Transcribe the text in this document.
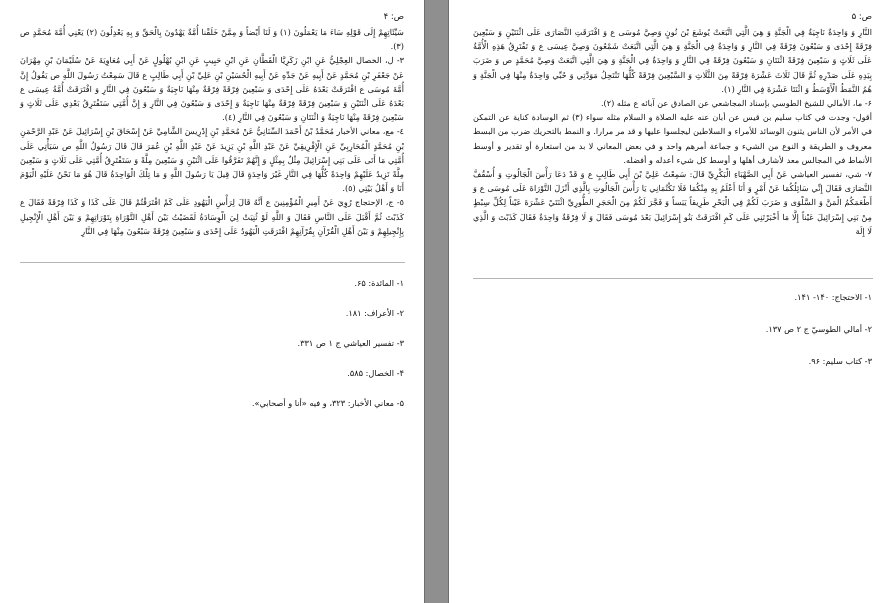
ص: ۴

سَيِّئَاتِهِمْ إِلَى قَوْلِهِ سَاءَ مَا يَعْمَلُونَ (١) وَ لَنَا أَيْضاً وَ مِمَّنْ خَلَقْنا أُمَّةٌ يَهْدُونَ بِالْحَقِّ وَ بِهِ يَعْدِلُونَ (٢) يَعْنِي أُمَّةَ مُحَمَّدٍ ص (٣).

٣- ل، الخصال العِجْلِيُّ عَنِ ابْنِ زَكَرِيَّا الْقَطَّانِ عَنِ ابْنِ حَبِيبٍ عَنِ ابْنِ بُهْلُولٍ عَنْ أَبِي مُعَاوِيَةَ عَنْ سُلَيْمَانَ بْنِ مِهْرَانَ عَنْ جَعْفَرِ بْنِ مُحَمَّدٍ عَنْ أَبِيهِ عَنْ جَدِّهِ عَنْ أَبِيهِ الْحُسَيْنِ بْنِ عَلِيِّ بْنِ أَبِي طَالِبٍ ع قَالَ سَمِعْتُ رَسُولَ اللَّهِ ص يَقُولُ إِنَّ أُمَّةَ مُوسَى ع افْتَرَقَتْ بَعْدَهُ عَلَى إِحْدَى وَ سَبْعِينَ فِرْقَةً فِرْقَةٌ مِنْهَا نَاجِيَةٌ وَ سَبْعُونَ فِي النَّارِ وَ افْتَرَقَتْ أُمَّةُ عِيسَى ع بَعْدَهُ عَلَى اثْنَتَيْنِ وَ سَبْعِينَ فِرْقَةً فِرْقَةٌ مِنْهَا نَاجِيَةٌ وَ إِحْدَى وَ سَبْعُونَ فِي النَّارِ وَ إِنَّ أُمَّتِي سَتَفْتَرِقُ بَعْدِي عَلَى ثَلَاثٍ وَ سَبْعِينَ فِرْقَةً مِنْهَا نَاجِيَةٌ وَ اثْنَتَانِ وَ سَبْعُونَ فِي النَّارِ (٤).

٤- مع، معاني الأخبار مُحَمَّدُ بْنُ أَحْمَدَ السِّنَانِيُّ عَنْ مُحَمَّدِ بْنِ إِدْرِيسَ الشَّامِيِّ عَنْ إِسْحَاقَ بْنِ إِسْرَائِيلَ عَنْ عَبْدِ الرَّحْمَنِ بْنِ مُحَمَّدٍ الْمُحَارِبِيِّ عَنِ الْإِفْرِيقِيِّ عَنْ عَبْدِ اللَّهِ بْنِ يَزِيدَ عَنْ عَبْدِ اللَّهِ بْنِ عُمَرَ قَالَ قَالَ رَسُولُ اللَّهِ ص سَيَأْتِي عَلَى أُمَّتِي مَا أَتَى عَلَى بَنِي إِسْرَائِيلَ مِثْلٌ بِمِثْلٍ وَ إِنَّهُمْ تَفَرَّقُوا عَلَى اثْنَيْنِ وَ سَبْعِينَ مِلَّةً وَ سَتَفْتَرِقُ أُمَّتِي عَلَى ثَلَاثٍ وَ سَبْعِينَ مِلَّةً تَزِيدُ عَلَيْهِمْ وَاحِدَةً كُلُّهَا فِي النَّارِ غَيْرَ وَاحِدَةٍ قَالَ قِيلَ يَا رَسُولَ اللَّهِ وَ مَا تِلْكَ الْوَاحِدَةُ قَالَ هُوَ مَا نَحْنُ عَلَيْهِ الْيَوْمَ أَنَا وَ أَهْلُ بَيْتِي (٥).

٥- ج، الإحتجاج رُوِيَ عَنْ أَمِيرِ الْمُؤْمِنِينَ ع أَنَّهُ قَالَ لِرَأْسِ الْيَهُودِ عَلَى كَمْ افْتَرَقْتُمْ قَالَ عَلَى كَذَا وَ كَذَا فِرْقَةً فَقَالَ ع كَذَبْتَ ثُمَّ أَقْبَلَ عَلَى النَّاسِ فَقَالَ وَ اللَّهِ لَوْ ثُنِيَتْ لِيَ الْوِسَادَةُ لَقَضَيْتُ بَيْنَ أَهْلِ التَّوْرَاةِ بِتَوْرَاتِهِمْ وَ بَيْنَ أَهْلِ الْإِنْجِيلِ بِإِنْجِيلِهِمْ وَ بَيْنَ أَهْلِ الْقُرْآنِ بِقُرْآنِهِمْ افْتَرَقَتِ الْيَهُودُ عَلَى إِحْدَى وَ سَبْعِينَ فِرْقَةً سَبْعُونَ مِنْهَا فِي النَّارِ

١- المائدة: ۶۵.

٢- الأعراف: ١٨١.

٣- تفسير العياشي ج ١ ص ٣٣١.

۴- الخصال: ۵٨۵.

۵- معاني الأخبار: ٣٢٣، و فيه «أنا و أصحابي».

ص: ۵

النَّارِ وَ وَاحِدَةٌ نَاجِيَةٌ فِي الْجَنَّةِ وَ هِيَ الَّتِي اتَّبَعَتْ يُوشَعَ بْنَ نُونٍ وَصِيَّ مُوسَى ع وَ افْتَرَقَتِ النَّصَارَى عَلَى اثْنَتَيْنِ وَ سَبْعِينَ فِرْقَةً إِحْدَى وَ سَبْعُونَ فِرْقَةً فِي النَّارِ وَ وَاحِدَةٌ فِي الْجَنَّةِ وَ هِيَ الَّتِي اتَّبَعَتْ شَمْعُونَ وَصِيَّ عِيسَى ع وَ تَفْتَرِقُ هَذِهِ الْأُمَّةُ عَلَى ثَلَاثٍ وَ سَبْعِينَ فِرْقَةً اثْنَتَانِ وَ سَبْعُونَ فِرْقَةً فِي النَّارِ وَ وَاحِدَةٌ فِي الْجَنَّةِ وَ هِيَ الَّتِي اتَّبَعَتْ وَصِيَّ مُحَمَّدٍ ص وَ ضَرَبَ بِيَدِهِ عَلَى صَدْرِهِ ثُمَّ قَالَ ثَلَاثَ عَشْرَةَ فِرْقَةً مِنَ الثَّلَاثِ وَ السَّبْعِينَ فِرْقَةً كُلُّهَا تَنْتَحِلُ مَوَدَّتِي وَ حُبِّي وَاحِدَةٌ مِنْهَا فِي الْجَنَّةِ وَ هُمُ النَّمَطُ الْأَوْسَطُ وَ اثْنَتَا عَشْرَةَ فِي النَّارِ (١).

۶- ما، الأمالي للشيخ الطوسي بإسناد المجاشعي عن الصادق عن آبائه ع مثله (٢).

أقول- وجدت في كتاب سليم بن قيس عن أبان عنه عليه الصلاة و السلام مثله سواء (٣) ثم الوسادة كناية عن التمكن في الأمر لأن الناس يثنون الوسائد للأمراء و السلاطين ليجلسوا عليها و قد مر مرارا. و النمط بالتحريك ضرب من البسط معروف و الطريقة و النوع من الشيء و جماعة أمرهم واحد و في بعض المعاني لا بد من استعارة أو تقدير و أوسط الأنماط في المجالس معد لأشارف أهلها و أوسط كل شيء أعدله و أفضله.

٧- شي، تفسير العياشي عَنْ أَبِي الصَّهْبَاءِ الْبَكْرِيِّ قَالَ: سَمِعْتُ عَلِيَّ بْنَ أَبِي طَالِبٍ ع وَ قَدْ دَعَا رَأْسَ الْجَالُوتِ وَ أُسْقُفَّ النَّصَارَى فَقَالَ إِنِّي سَائِلُكُمَا عَنْ أَمْرٍ وَ أَنَا أَعْلَمُ بِهِ مِنْكُمَا فَلَا تَكْتُمَانِي يَا رَأْسَ الْجَالُوتِ بِالَّذِي أَنْزَلَ التَّوْرَاةَ عَلَى مُوسَى ع وَ أَطْعَمَكُمُ الْمَنَّ وَ السَّلْوَى وَ ضَرَبَ لَكُمْ فِي الْبَحْرِ طَرِيقاً يَبَساً وَ فَجَّرَ لَكُمْ مِنَ الْحَجَرِ الطُّورِيِّ اثْنَتَيْ عَشْرَةَ عَيْناً لِكُلِّ سِبْطٍ مِنْ بَنِي إِسْرَائِيلَ عَيْناً إِلَّا مَا أَخْبَرْتَنِي عَلَى كَمِ افْتَرَقَتْ بَنُو إِسْرَائِيلَ بَعْدَ مُوسَى فَقَالَ وَ لَا فِرْقَةٌ وَاحِدَةٌ فَقَالَ كَذَبْتَ وَ الَّذِي لَا إِلَهَ

١- الاحتجاج: ١۴٠- ١۴١.

٢- أمالي الطوسيّ ج ٢ ص ١٣٧.

٣- كتاب سليم: ٩۶.
